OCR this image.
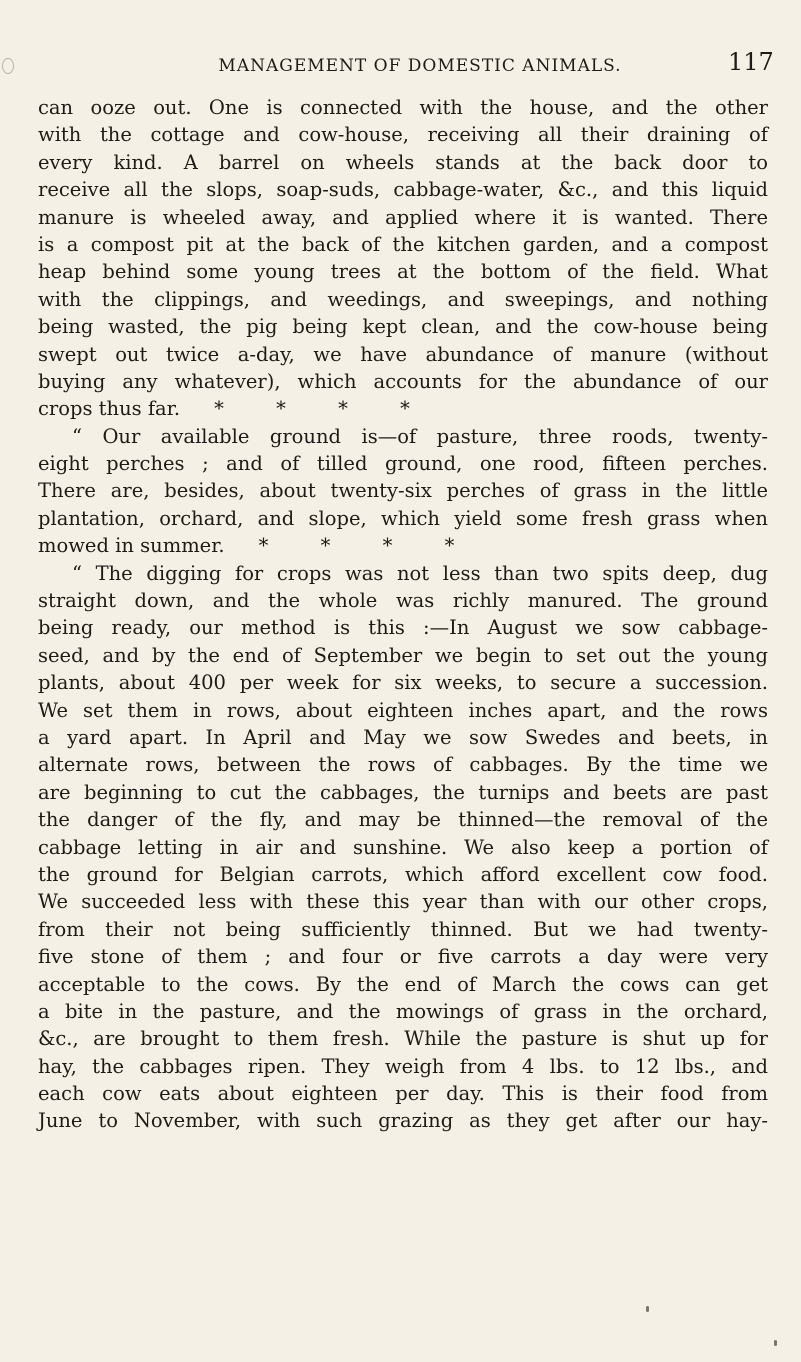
MANAGEMENT OF DOMESTIC ANIMALS.	117
can ooze out. One is connected with the house, and the other
with the cottage and cow-house, receiving all their draining of
every kind. A barrel on wheels stands at the back door to
receive all the slops, soap-suds, cabbage-water, &c., and this liquid
manure is wheeled away, and applied where it is wanted. There
is a compost pit at the back of the kitchen garden, and a compost
heap behind some young trees at the bottom of the field. What
with the clippings, and weedings, and sweepings, and nothing
being wasted, the pig being kept clean, and the cow-house being
swept out twice a-day, we have abundance of manure (without
buying any whatever), which accounts for the abundance of our
crops thus far. *	*	*	*
“ Our available ground is—of pasture, three roods, twenty-
eight perches ; and of tilled ground, one rood, fifteen perches.
There are, besides, about twenty-six perches of grass in the little
plantation, orchard, and slope, which yield some fresh grass when
mowed in summer. *	*	*	*
“ The digging for crops was not less than two spits deep, dug
straight down, and the whole was richly manured. The ground
being ready, our method is this :—In August we sow cabbage-
seed, and by the end of September we begin to set out the young
plants, about 400 per week for six weeks, to secure a succession.
We set them in rows, about eighteen inches apart, and the rows
a yard apart. In April and May we sow Swedes and beets, in
alternate rows, between the rows of cabbages. By the time we
are beginning to cut the cabbages, the turnips and beets are past
the danger of the fly, and may be thinned—the removal of the
cabbage letting in air and sunshine. We also keep a portion of
the ground for Belgian carrots, which afford excellent cow food.
We succeeded less with these this year than with our other crops,
from their not being sufficiently thinned. But we had twenty-
five stone of them ; and four or five carrots a day were very
acceptable to the cows. By the end of March the cows can get
a bite in the pasture, and the mowings of grass in the orchard,
&c., are brought to them fresh. While the pasture is shut up for
hay, the cabbages ripen. They weigh from 4 lbs. to 12 lbs., and
each cow eats about eighteen per day. This is their food from
June to November, with such grazing as they get after our hay-
